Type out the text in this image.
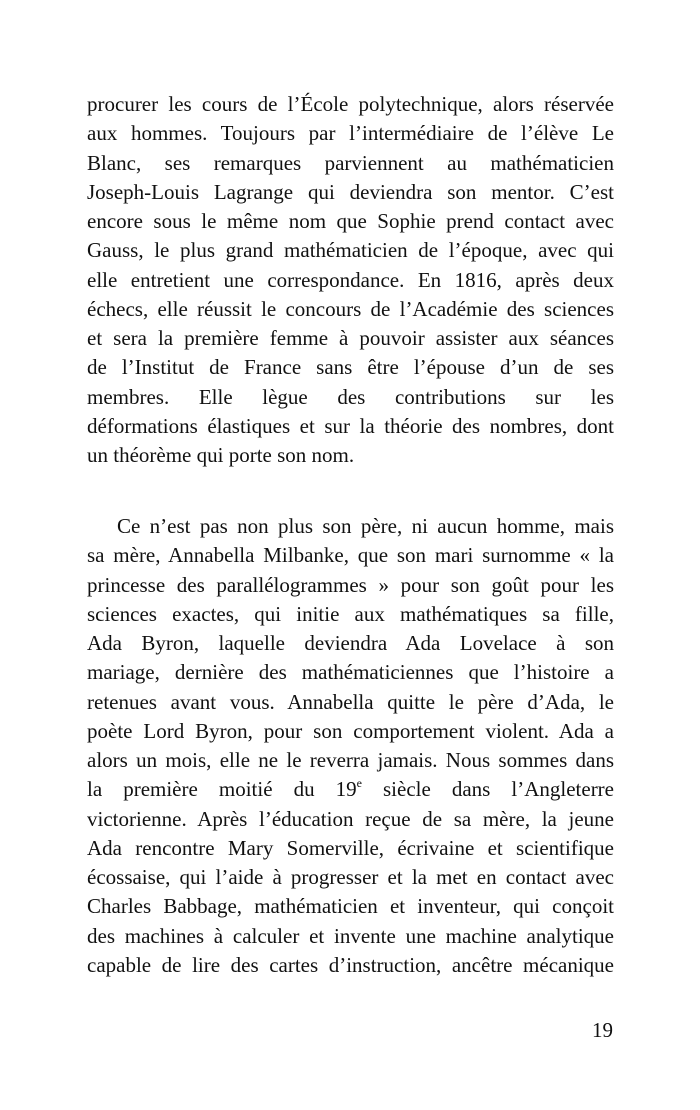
procurer les cours de l’École polytechnique, alors réservée
aux hommes. Toujours par l’intermédiaire de l’élève Le
Blanc, ses remarques parviennent au mathématicien
Joseph-Louis Lagrange qui deviendra son mentor. C’est
encore sous le même nom que Sophie prend contact avec
Gauss, le plus grand mathématicien de l’époque, avec qui
elle entretient une correspondance. En 1816, après deux
échecs, elle réussit le concours de l’Académie des sciences
et sera la première femme à pouvoir assister aux séances
de l’Institut de France sans être l’épouse d’un de ses
membres. Elle lègue des contributions sur les
déformations élastiques et sur la théorie des nombres, dont
un théorème qui porte son nom.
Ce n’est pas non plus son père, ni aucun homme, mais
sa mère, Annabella Milbanke, que son mari surnomme « la
princesse des parallélogrammes » pour son goût pour les
sciences exactes, qui initie aux mathématiques sa fille,
Ada Byron, laquelle deviendra Ada Lovelace à son
mariage, dernière des mathématiciennes que l’histoire a
retenues avant vous. Annabella quitte le père d’Ada, le
poète Lord Byron, pour son comportement violent. Ada a
alors un mois, elle ne le reverra jamais. Nous sommes dans
la première moitié du 19e siècle dans l’Angleterre
victorienne. Après l’éducation reçue de sa mère, la jeune
Ada rencontre Mary Somerville, écrivaine et scientifique
écossaise, qui l’aide à progresser et la met en contact avec
Charles Babbage, mathématicien et inventeur, qui conçoit
des machines à calculer et invente une machine analytique
capable de lire des cartes d’instruction, ancêtre mécanique
19
